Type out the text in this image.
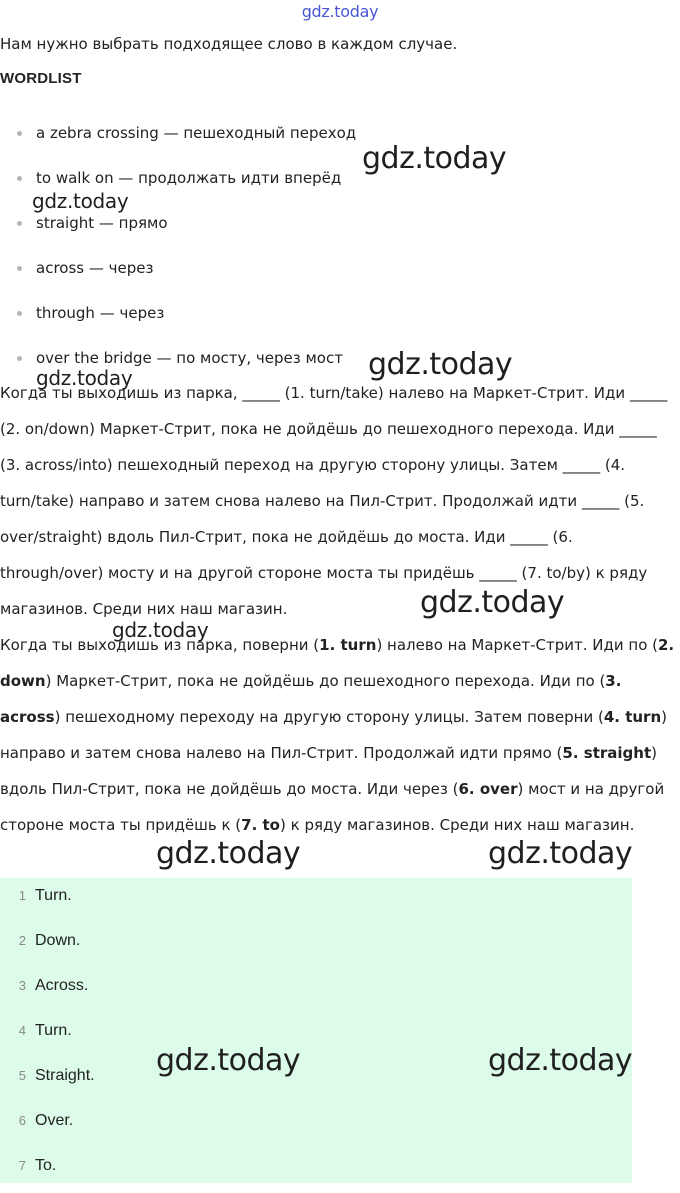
gdz.today
Нам нужно выбрать подходящее слово в каждом случае.
WORDLIST
a zebra crossing — пешеходный переход
to walk on — продолжать идти вперёд
straight — прямо
across — через
through — через
over the bridge — по мосту, через мост

Когда ты выходишь из парка, _____ (1. turn/take) налево на Маркет-Стрит. Иди _____ (2. on/down) Маркет-Стрит, пока не дойдёшь до пешеходного перехода. Иди _____ (3. across/into) пешеходный переход на другую сторону улицы. Затем _____ (4. turn/take) направо и затем снова налево на Пил-Стрит. Продолжай идти _____ (5. over/straight) вдоль Пил-Стрит, пока не дойдёшь до моста. Иди _____ (6. through/over) мосту и на другой стороне моста ты придёшь _____ (7. to/by) к ряду магазинов. Среди них наш магазин.

Когда ты выходишь из парка, поверни (1. turn) налево на Маркет-Стрит. Иди по (2. down) Маркет-Стрит, пока не дойдёшь до пешеходного перехода. Иди по (3. across) пешеходному переходу на другую сторону улицы. Затем поверни (4. turn) направо и затем снова налево на Пил-Стрит. Продолжай идти прямо (5. straight) вдоль Пил-Стрит, пока не дойдёшь до моста. Иди через (6. over) мост и на другой стороне моста ты придёшь к (7. to) к ряду магазинов. Среди них наш магазин.

1 Turn.
2 Down.
3 Across.
4 Turn.
5 Straight.
6 Over.
7 To.
gdz.today
gdz.today
gdz.today
gdz.today
gdz.today
gdz.today
gdz.today	gdz.today
gdz.today	gdz.today
